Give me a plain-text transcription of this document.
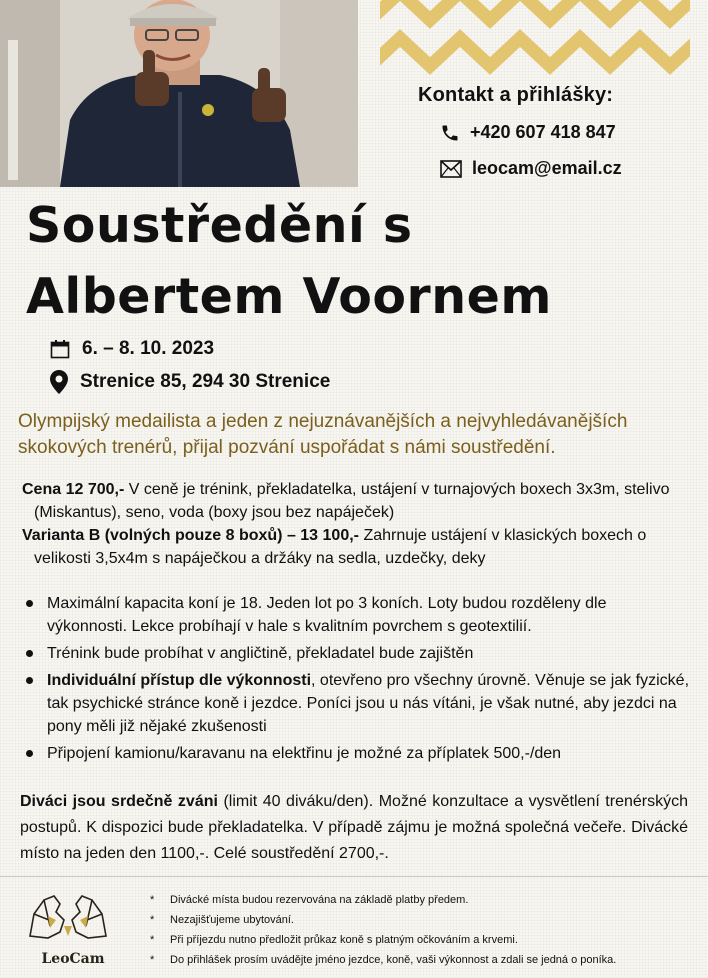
Kontakt a přihlášky:
+420 607 418 847
leocam@email.cz
Soustředění s
Albertem Voornem
6. – 8. 10. 2023
Strenice 85, 294 30 Strenice
Olympijský medailista a jeden z nejuznávanějších a nejvyhledávanějších skokových trenérů, přijal pozvání uspořádat s námi soustředění.

Cena 12 700,- V ceně je trénink, překladatelka, ustájení v turnajových boxech 3x3m, stelivo (Miskantus), seno, voda (boxy jsou bez napáječek)

Varianta B (volných pouze 8 boxů) – 13 100,- Zahrnuje ustájení v klasických boxech o velikosti 3,5x4m s napáječkou a držáky na sedla, uzdečky, deky

Maximální kapacita koní je 18. Jeden lot po 3 koních. Loty budou rozděleny dle výkonnosti. Lekce probíhají v hale s kvalitním povrchem s geotextilií.
Trénink bude probíhat v angličtině, překladatel bude zajištěn
Individuální přístup dle výkonnosti, otevřeno pro všechny úrovně. Věnuje se jak fyzické, tak psychické stránce koně i jezdce. Poníci jsou u nás vítáni, je však nutné, aby jezdci na pony měli již nějaké zkušenosti
Připojení kamionu/karavanu na elektřinu je možné za příplatek 500,-/den
Diváci jsou srdečně zváni (limit 40 diváku/den). Možné konzultace a vysvětlení trenérských postupů. K dispozici bude překladatelka. V případě zájmu je možná společná večeře. Divácké místo na jeden den 1100,-. Celé soustředění 2700,-.
LeoCam
* Divácké místa budou rezervována na základě platby předem.
* Nezajišťujeme ubytování.
* Při příjezdu nutno předložit průkaz koně s platným očkováním a krvemi.
* Do přihlášek prosím uvádějte jméno jezdce, koně, vaši výkonnost a zdali se jedná o poníka.
